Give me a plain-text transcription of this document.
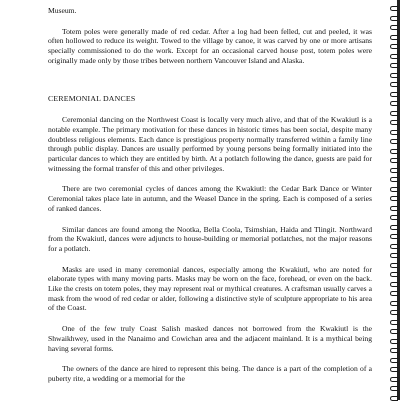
Museum.

Totem poles were generally made of red cedar. After a log had been felled, cut and peeled, it was often hollowed to reduce its weight. Towed to the village by canoe, it was carved by one or more artisans specially commissioned to do the work. Except for an occasional carved house post, totem poles were originally made only by those tribes between northern Vancouver Island and Alaska.

CEREMONIAL DANCES

Ceremonial dancing on the Northwest Coast is locally very much alive, and that of the Kwakiutl is a notable example. The primary motivation for these dances in historic times has been social, despite many doubtless religious elements. Each dance is prestigious property normally transferred within a family line through public display. Dances are usually performed by young persons being formally initiated into the particular dances to which they are entitled by birth. At a potlatch following the dance, guests are paid for witnessing the formal transfer of this and other privileges.

There are two ceremonial cycles of dances among the Kwakiutl: the Cedar Bark Dance or Winter Ceremonial takes place late in autumn, and the Weasel Dance in the spring. Each is composed of a series of ranked dances.

Similar dances are found among the Nootka, Bella Coola, Tsimshian, Haida and Tlingit. Northward from the Kwakiutl, dances were adjuncts to house-building or memorial potlatches, not the major reasons for a potlatch.

Masks are used in many ceremonial dances, especially among the Kwakiutl, who are noted for elaborate types with many moving parts. Masks may be worn on the face, forehead, or even on the back. Like the crests on totem poles, they may represent real or mythical creatures. A craftsman usually carves a mask from the wood of red cedar or alder, following a distinctive style of sculpture appropriate to his area of the Coast.

One of the few truly Coast Salish masked dances not borrowed from the Kwakiutl is the Shwaikhwey, used in the Nanaimo and Cowichan area and the adjacent mainland. It is a mythical being having several forms.

The owners of the dance are hired to represent this being. The dance is a part of the completion of a puberty rite, a wedding or a memorial for the
